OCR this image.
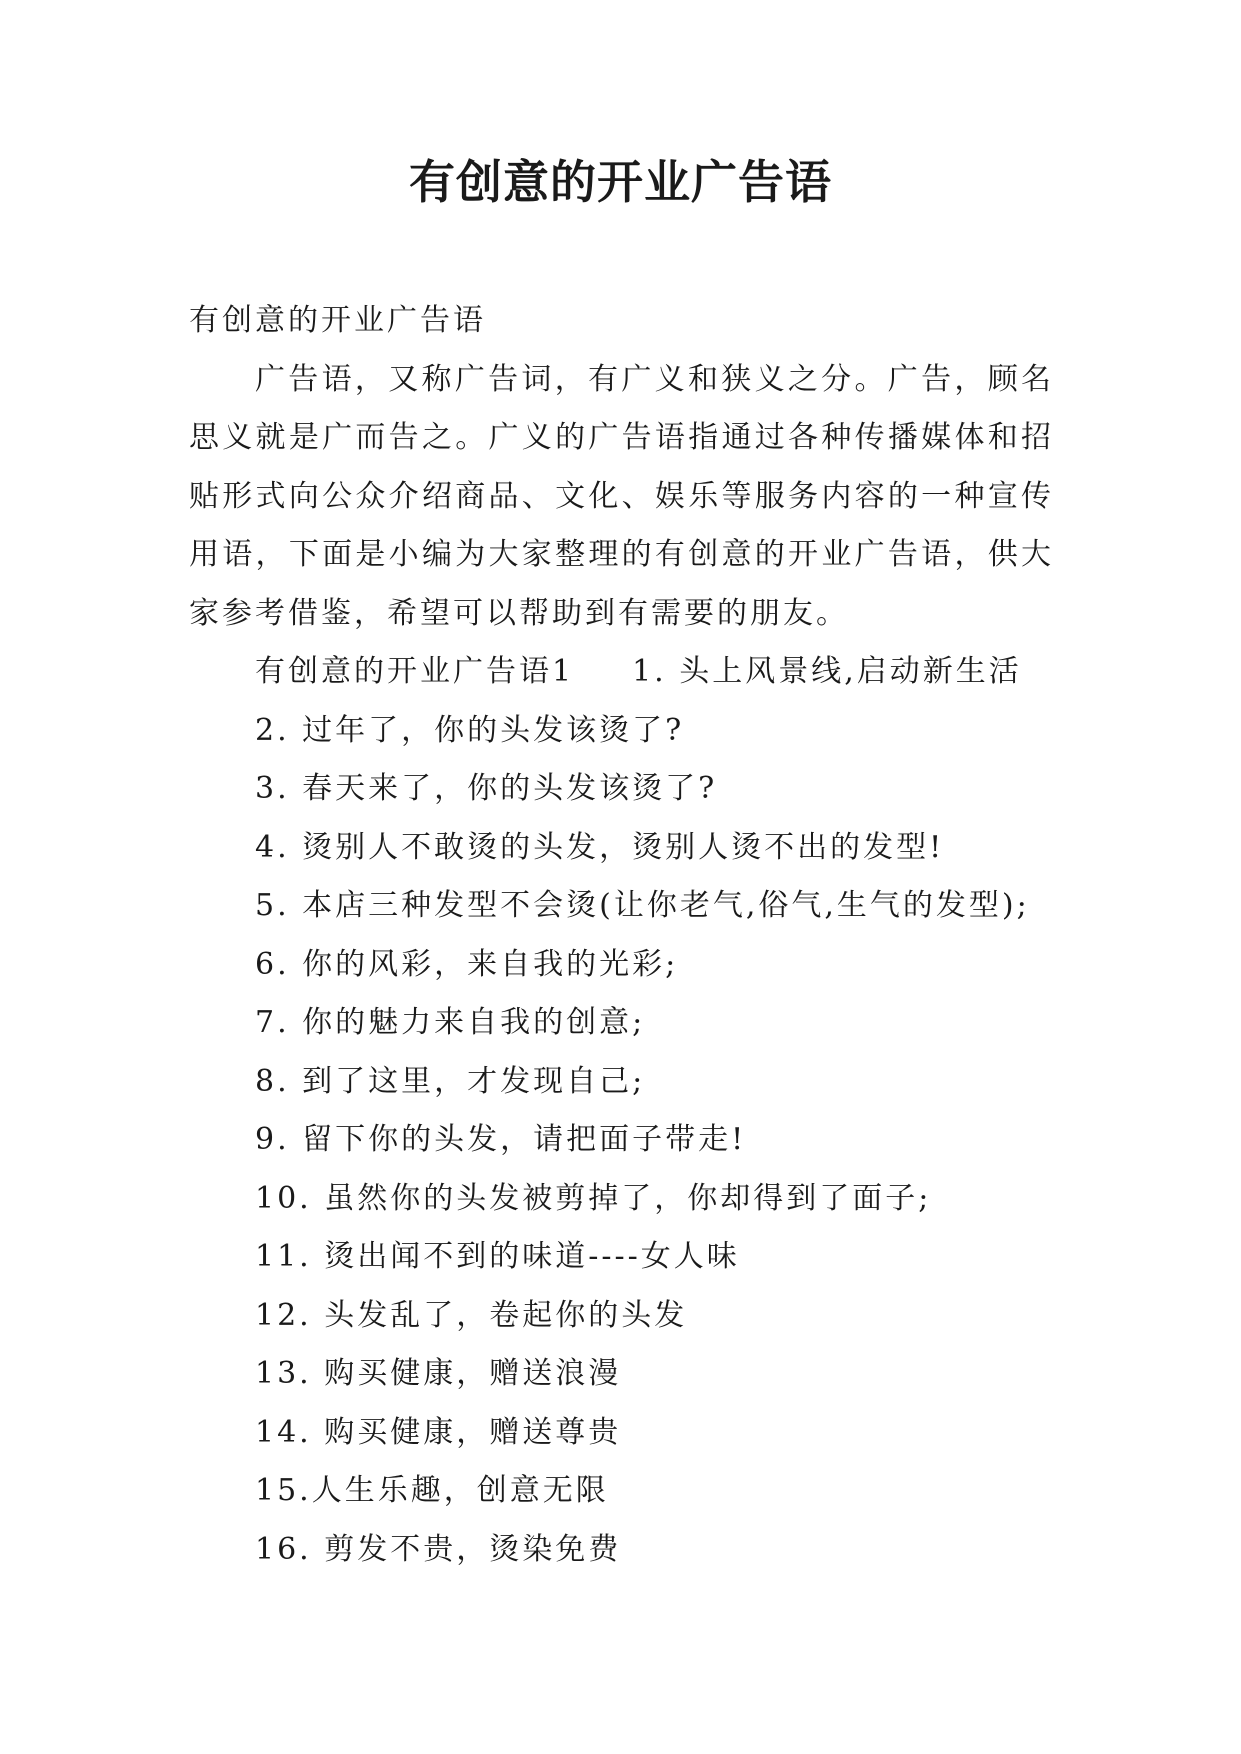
有创意的开业广告语
有创意的开业广告语
广告语，又称广告词，有广义和狭义之分。广告，顾名思义就是广而告之。广义的广告语指通过各种传播媒体和招贴形式向公众介绍商品、文化、娱乐等服务内容的一种宣传用语，下面是小编为大家整理的有创意的开业广告语，供大家参考借鉴，希望可以帮助到有需要的朋友。
有创意的开业广告语1 1. 头上风景线,启动新生活
2. 过年了，你的头发该烫了?
3. 春天来了，你的头发该烫了?
4. 烫别人不敢烫的头发，烫别人烫不出的发型!
5. 本店三种发型不会烫(让你老气,俗气,生气的发型);
6. 你的风彩，来自我的光彩;
7. 你的魅力来自我的创意;
8. 到了这里，才发现自己;
9. 留下你的头发，请把面子带走!
10. 虽然你的头发被剪掉了，你却得到了面子;
11. 烫出闻不到的味道----女人味
12. 头发乱了，卷起你的头发
13. 购买健康，赠送浪漫
14. 购买健康，赠送尊贵
15.人生乐趣，创意无限
16. 剪发不贵，烫染免费
